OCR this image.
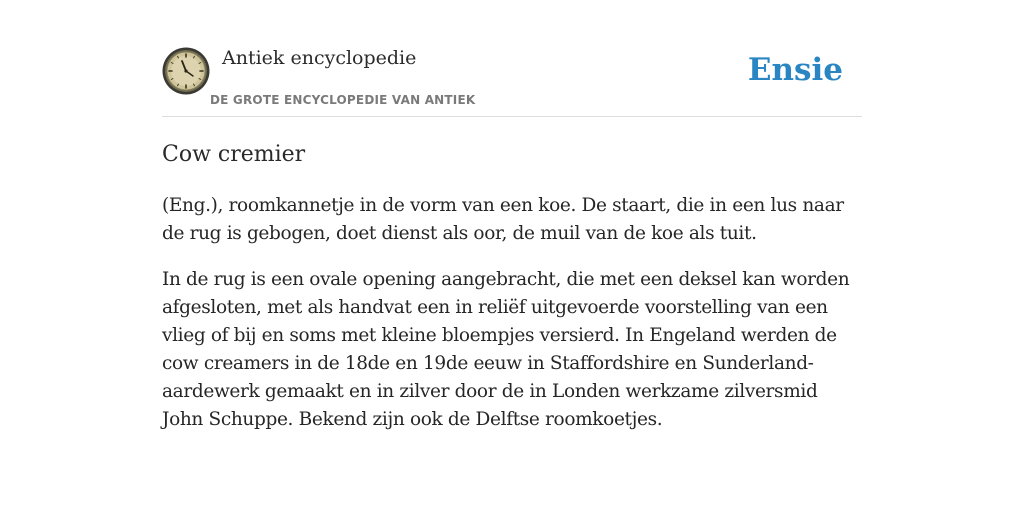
Antiek encyclopedie
DE GROTE ENCYCLOPEDIE VAN ANTIEK
Ensie
Cow cremier

(Eng.), roomkannetje in de vorm van een koe. De staart, die in een lus naar de rug is gebogen, doet dienst als oor, de muil van de koe als tuit.

In de rug is een ovale opening aangebracht, die met een deksel kan worden afgesloten, met als handvat een in reliëf uitgevoerde voorstelling van een vlieg of bij en soms met kleine bloempjes versierd. In Engeland werden de cow creamers in de 18de en 19de eeuw in Staffordshire en Sunderland-aardewerk gemaakt en in zilver door de in Londen werkzame zilversmid John Schuppe. Bekend zijn ook de Delftse roomkoetjes.
